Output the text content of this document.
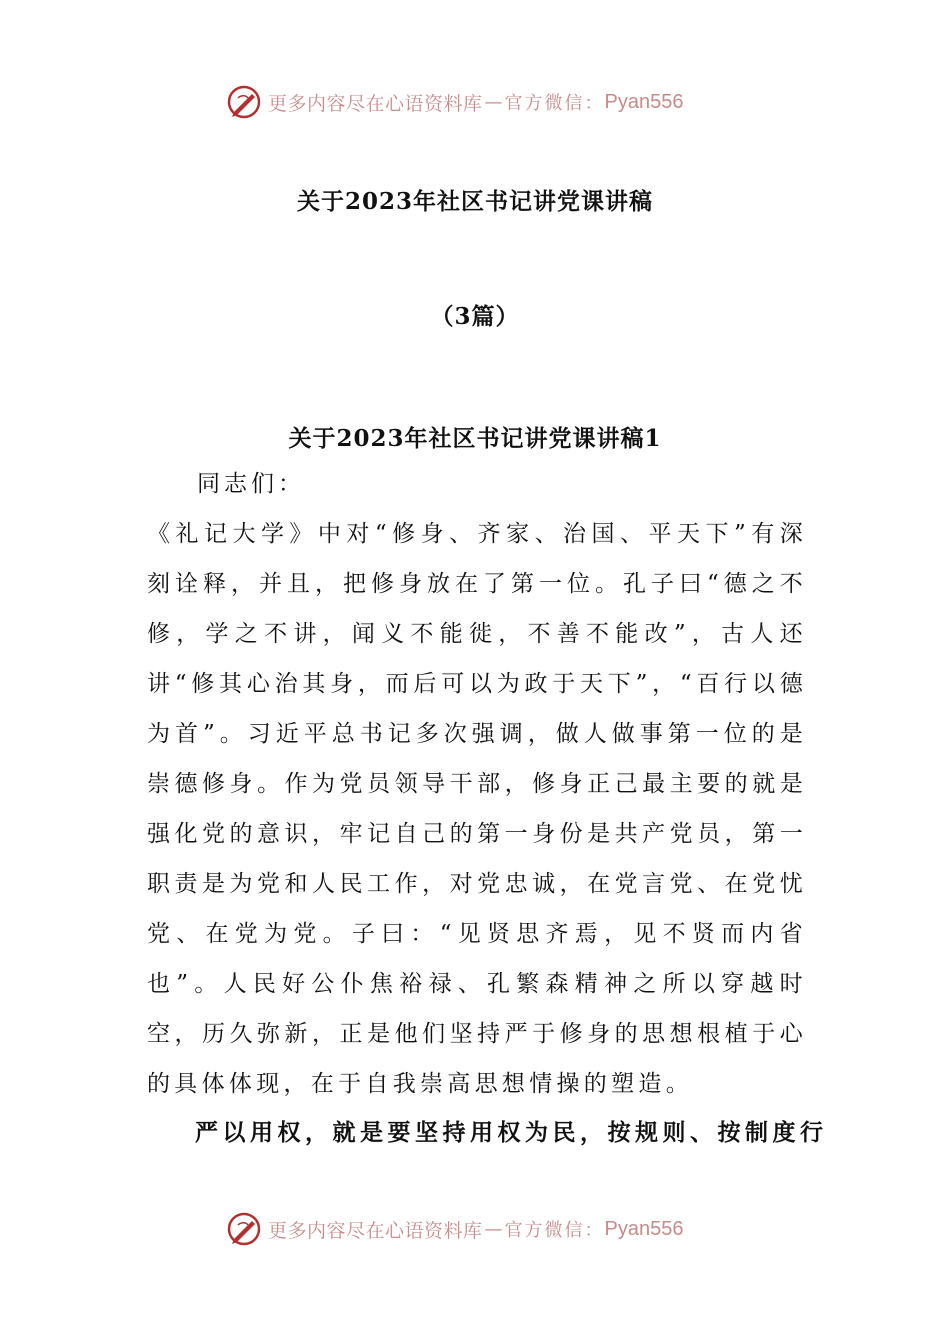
更多内容尽在心语资料库 — 官方微信： Pyan556
关于2023年社区书记讲党课讲稿
（3篇）
关于2023年社区书记讲党课讲稿1
同志们：
《礼记大学》中对“修身、齐家、治国、平天下”有深刻诠释，并且，把修身放在了第一位。孔子曰“德之不修，学之不讲，闻义不能徙，不善不能改”，古人还讲“修其心治其身，而后可以为政于天下”，“百行以德为首”。习近平总书记多次强调，做人做事第一位的是崇德修身。作为党员领导干部，修身正己最主要的就是强化党的意识，牢记自己的第一身份是共产党员，第一职责是为党和人民工作，对党忠诚，在党言党、在党忧党、在党为党。子曰：“见贤思齐焉，见不贤而内省也”。人民好公仆焦裕禄、孔繁森精神之所以穿越时空，历久弥新，正是他们坚持严于修身的思想根植于心的具体体现，在于自我崇高思想情操的塑造。
严以用权，就是要坚持用权为民，按规则、按制度行
更多内容尽在心语资料库 — 官方微信： Pyan556
